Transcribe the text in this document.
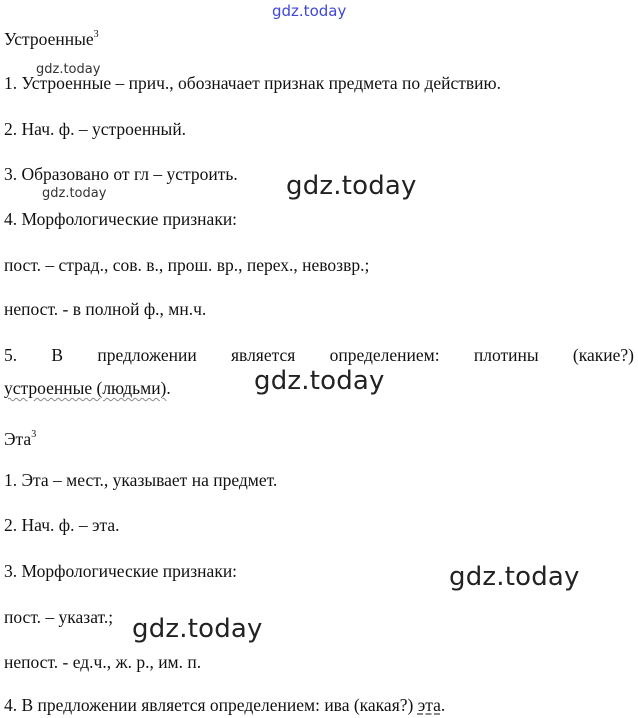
gdz.today
gdz.today
gdz.today	gdz.today
gdz.today
gdz.today
gdz.today
Устроенные$^3$
1. Устроенные – прич., обозначает признак предмета по действию.
2. Нач. ф. – устроенный.
3. Образовано от гл – устроить.
4. Морфологические признаки:
пост. – страд., сов. в., прош. вр., перех., невозвр.;
непост. - в полной ф., мн.ч.
5. В предложении является определением: плотины (какие?)
устроенные (людьми).
Эта$^3$
1. Эта – мест., указывает на предмет.
2. Нач. ф. – эта.
3. Морфологические признаки:
пост. – указат.;
непост. - ед.ч., ж. р., им. п.
4. В предложении является определением: ива (какая?) эта.
